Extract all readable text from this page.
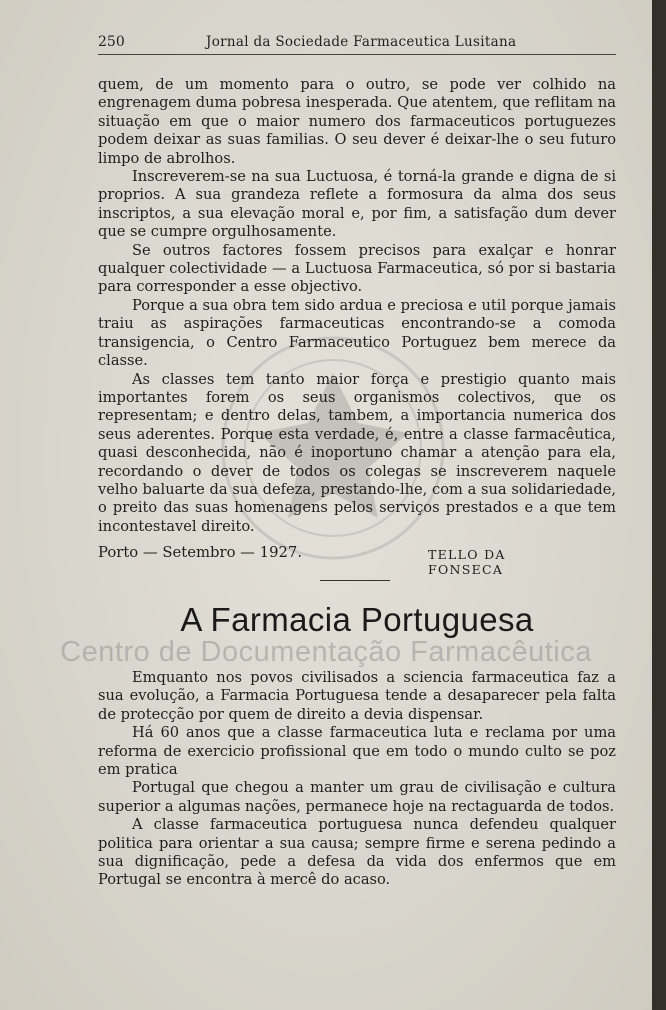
250	Jornal da Sociedade Farmaceutica Lusitana

quem, de um momento para o outro, se pode ver colhido na engrenagem duma pobresa inesperada. Que atentem, que reflitam na situação em que o maior numero dos farmaceuticos portuguezes podem deixar as suas familias. O seu dever é deixar-lhe o seu futuro limpo de abrolhos.

Inscreverem-se na sua Luctuosa, é torná-la grande e digna de si proprios. A sua grandeza reflete a formosura da alma dos seus inscriptos, a sua elevação moral e, por fim, a satisfação dum dever que se cumpre orgulhosamente.

Se outros factores fossem precisos para exalçar e honrar qualquer colectividade — a Luctuosa Farmaceutica, só por si bastaria para corresponder a esse objectivo.

Porque a sua obra tem sido ardua e preciosa e util porque jamais traiu as aspirações farmaceuticas encontrando-se a comoda transigencia, o Centro Farmaceutico Portuguez bem merece da classe.

As classes tem tanto maior força e prestigio quanto mais importantes forem os seus organismos colectivos, que os representam; e dentro delas, tambem, a importancia numerica dos seus aderentes. Porque esta verdade, é, entre a classe farmacêutica, quasi desconhecida, não é inoportuno chamar a atenção para ela, recordando o dever de todos os colegas se inscreverem naquele velho baluarte da sua defeza, prestando-lhe, com a sua solidariedade, o preito das suas homenagens pelos serviços prestados e a que tem incontestavel direito.

Porto — Setembro — 1927.	TELLO DA FONSECA
A Farmacia Portuguesa
Centro de Documentação Farmacêutica

Emquanto nos povos civilisados a sciencia farmaceutica faz a sua evolução, a Farmacia Portuguesa tende a desaparecer pela falta de protecção por quem de direito a devia dispensar.

Há 60 anos que a classe farmaceutica luta e reclama por uma reforma de exercicio profissional que em todo o mundo culto se poz em pratica

Portugal que chegou a manter um grau de civilisação e cultura superior a algumas nações, permanece hoje na rectaguarda de todos.

A classe farmaceutica portuguesa nunca defendeu qualquer politica para orientar a sua causa; sempre firme e serena pedindo a sua dignificação, pede a defesa da vida dos enfermos que em Portugal se encontra à mercê do acaso.
